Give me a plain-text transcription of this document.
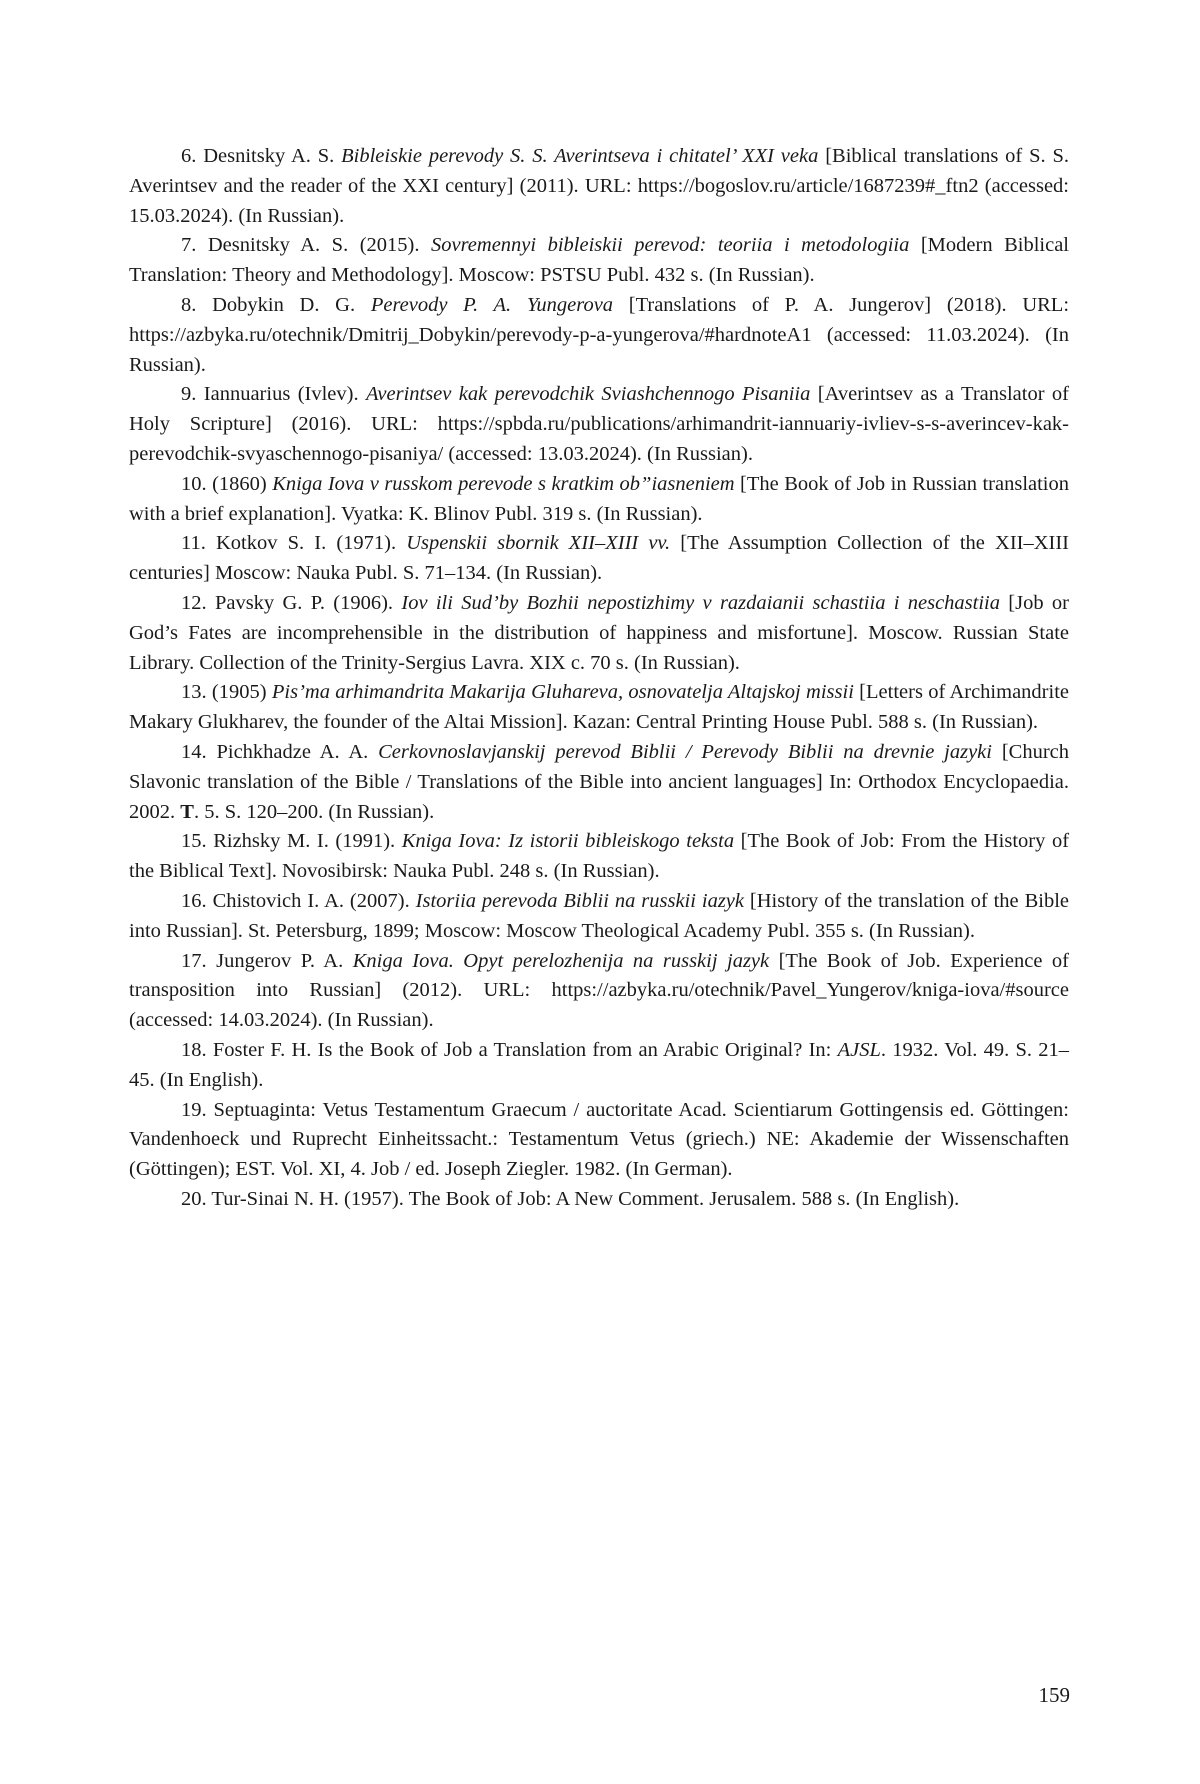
6. Desnitsky A. S. Bibleiskie perevody S. S. Averintseva i chitatel’ XXI veka [Biblical translations of S. S. Averintsev and the reader of the XXI century] (2011). URL: https://bogoslov.ru/article/1687239#_ftn2 (accessed: 15.03.2024). (In Russian).

7. Desnitsky A. S. (2015). Sovremennyi bibleiskii perevod: teoriia i metodologiia [Modern Biblical Translation: Theory and Methodology]. Moscow: PSTSU Publ. 432 s. (In Russian).

8. Dobykin D. G. Perevody P. A. Yungerova [Translations of P. A. Jungerov] (2018). URL: https://azbyka.ru/otechnik/Dmitrij_Dobykin/perevody-p-a-yungerova/#hardnoteA1 (accessed: 11.03.2024). (In Russian).

9. Iannuarius (Ivlev). Averintsev kak perevodchik Sviashchennogo Pisaniia [Averintsev as a Translator of Holy Scripture] (2016). URL: https://spbda.ru/publications/arhimandrit-iannuariy-ivliev-s-s-averincev-kak-perevodchik-svyaschennogo-pisaniya/ (accessed: 13.03.2024). (In Russian).

10. (1860) Kniga Iova v russkom perevode s kratkim ob”iasneniem [The Book of Job in Russian translation with a brief explanation]. Vyatka: K. Blinov Publ. 319 s. (In Russian).

11. Kotkov S. I. (1971). Uspenskii sbornik XII–XIII vv. [The Assumption Collection of the XII–XIII centuries] Moscow: Nauka Publ. S. 71–134. (In Russian).

12. Pavsky G. P. (1906). Iov ili Sud’by Bozhii nepostizhimy v razdaianii schastiia i neschastiia [Job or God’s Fates are incomprehensible in the distribution of happiness and misfortune]. Moscow. Russian State Library. Collection of the Trinity-Sergius Lavra. XIX c. 70 s. (In Russian).

13. (1905) Pis’ma arhimandrita Makarija Gluhareva, osnovatelja Altajskoj missii [Letters of Archimandrite Makary Glukharev, the founder of the Altai Mission]. Kazan: Central Printing House Publ. 588 s. (In Russian).

14. Pichkhadze A. A. Cerkovnoslavjanskij perevod Biblii / Perevody Biblii na drevnie jazyki [Church Slavonic translation of the Bible / Translations of the Bible into ancient languages] In: Orthodox Encyclopaedia. 2002. T. 5. S. 120–200. (In Russian).

15. Rizhsky M. I. (1991). Kniga Iova: Iz istorii bibleiskogo teksta [The Book of Job: From the History of the Biblical Text]. Novosibirsk: Nauka Publ. 248 s. (In Russian).

16. Chistovich I. A. (2007). Istoriia perevoda Biblii na russkii iazyk [History of the translation of the Bible into Russian]. St. Petersburg, 1899; Moscow: Moscow Theological Academy Publ. 355 s. (In Russian).

17. Jungerov P. A. Kniga Iova. Opyt perelozhenija na russkij jazyk [The Book of Job. Experience of transposition into Russian] (2012). URL: https://azbyka.ru/otechnik/Pavel_Yungerov/kniga-iova/#source (accessed: 14.03.2024). (In Russian).

18. Foster F. H. Is the Book of Job a Translation from an Arabic Original? In: AJSL. 1932. Vol. 49. S. 21–45. (In English).

19. Septuaginta: Vetus Testamentum Graecum / auctoritate Acad. Scientiarum Gottingensis ed. Göttingen: Vandenhoeck und Ruprecht Einheitssacht.: Testamentum Vetus (griech.) NE: Akademie der Wissenschaften (Göttingen); EST. Vol. XI, 4. Job / ed. Joseph Ziegler. 1982. (In German).

20. Tur-Sinai N. H. (1957). The Book of Job: A New Comment. Jerusalem. 588 s. (In English).

159
